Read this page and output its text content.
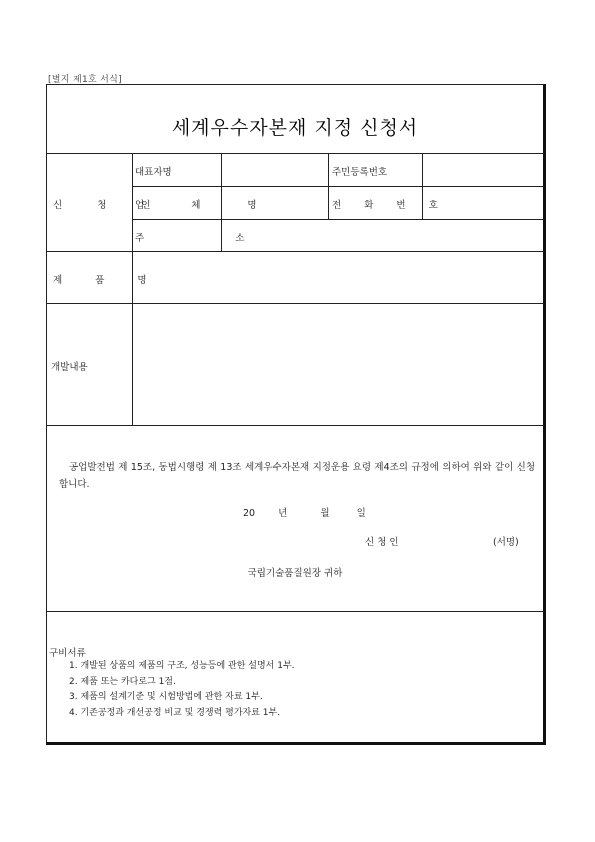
[별지 제1호 서식]
세계우수자본재 지정 신청서
신 청 인
대표자명	주민등록번호
업 체 명	전 화 번 호
주 소
제 품 명
개발내용
공업발전법 제 15조, 동법시행령 제 13조 세계우수자본재 지정운용 요령 제4조의 규정에 의하여 위와 같이 신청합니다.
20 년	월	일
신 청 인	(서명)
국립기술품질원장 귀하
구비서류
1. 개발된 상품의 제품의 구조, 성능등에 관한 설명서 1부.
2. 제품 또는 카다로그 1점.
3. 제품의 설계기준 및 시험방법에 관한 자료 1부.
4. 기존공정과 개선공정 비교 및 경쟁력 평가자료 1부.
